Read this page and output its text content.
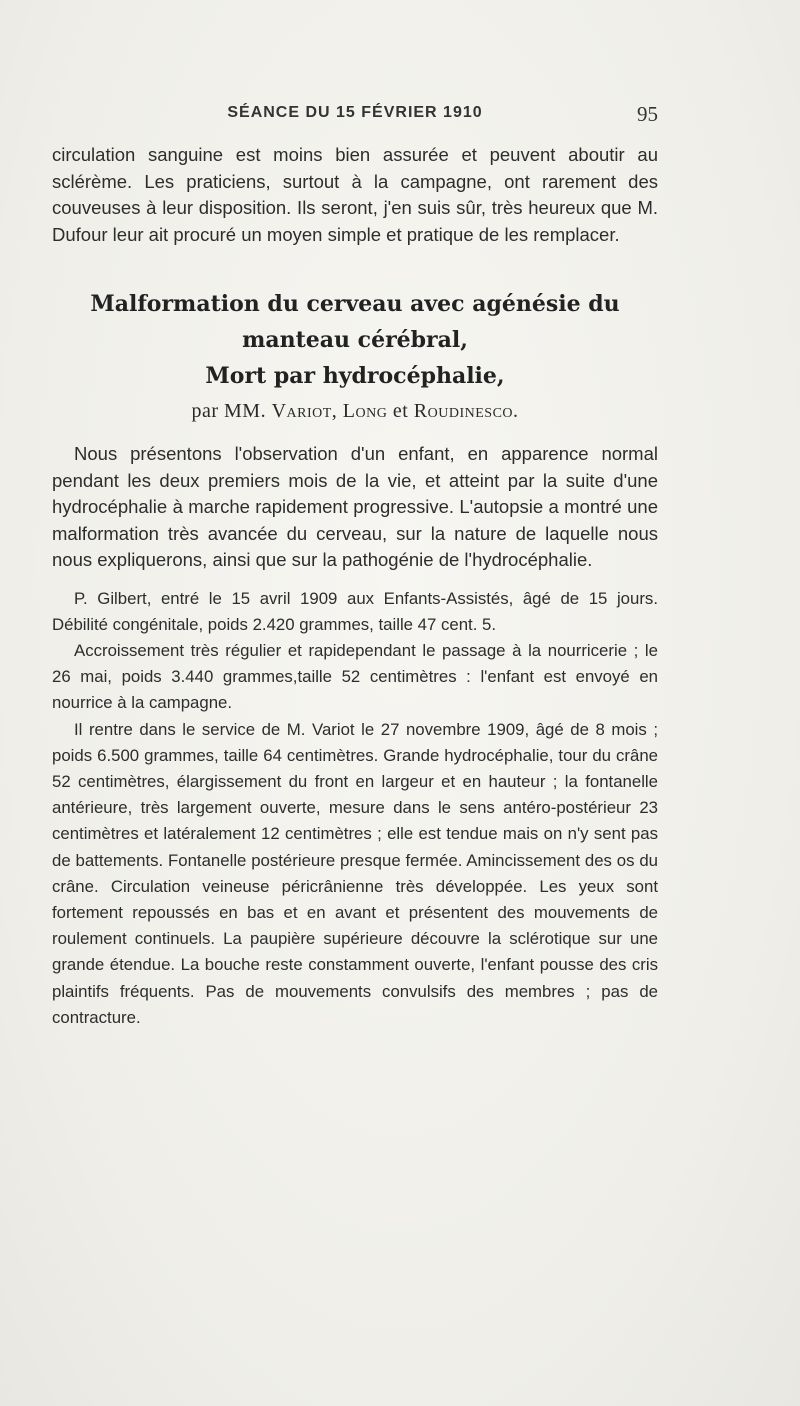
SÉANCE DU 15 FÉVRIER 1910	95

circulation sanguine est moins bien assurée et peuvent aboutir au sclérème. Les praticiens, surtout à la campagne, ont rarement des couveuses à leur disposition. Ils seront, j'en suis sûr, très heureux que M. Dufour leur ait procuré un moyen simple et pratique de les remplacer.

Malformation du cerveau avec agénésie du manteau cérébral,
Mort par hydrocéphalie,
par MM. Variot, Long et Roudinesco.

Nous présentons l'observation d'un enfant, en apparence normal pendant les deux premiers mois de la vie, et atteint par la suite d'une hydrocéphalie à marche rapidement progressive. L'autopsie a montré une malformation très avancée du cerveau, sur la nature de laquelle nous nous expliquerons, ainsi que sur la pathogénie de l'hydrocéphalie.

P. Gilbert, entré le 15 avril 1909 aux Enfants-Assistés, âgé de 15 jours. Débilité congénitale, poids 2.420 grammes, taille 47 cent. 5.

Accroissement très régulier et rapidependant le passage à la nourricerie ; le 26 mai, poids 3.440 grammes,taille 52 centimètres : l'enfant est envoyé en nourrice à la campagne.

Il rentre dans le service de M. Variot le 27 novembre 1909, âgé de 8 mois ; poids 6.500 grammes, taille 64 centimètres. Grande hydrocéphalie, tour du crâne 52 centimètres, élargissement du front en largeur et en hauteur ; la fontanelle antérieure, très largement ouverte, mesure dans le sens antéro-postérieur 23 centimètres et latéralement 12 centimètres ; elle est tendue mais on n'y sent pas de battements. Fontanelle postérieure presque fermée. Amincissement des os du crâne. Circulation veineuse péricrânienne très développée. Les yeux sont fortement repoussés en bas et en avant et présentent des mouvements de roulement continuels. La paupière supérieure découvre la sclérotique sur une grande étendue. La bouche reste constamment ouverte, l'enfant pousse des cris plaintifs fréquents. Pas de mouvements convulsifs des membres ; pas de contracture.
